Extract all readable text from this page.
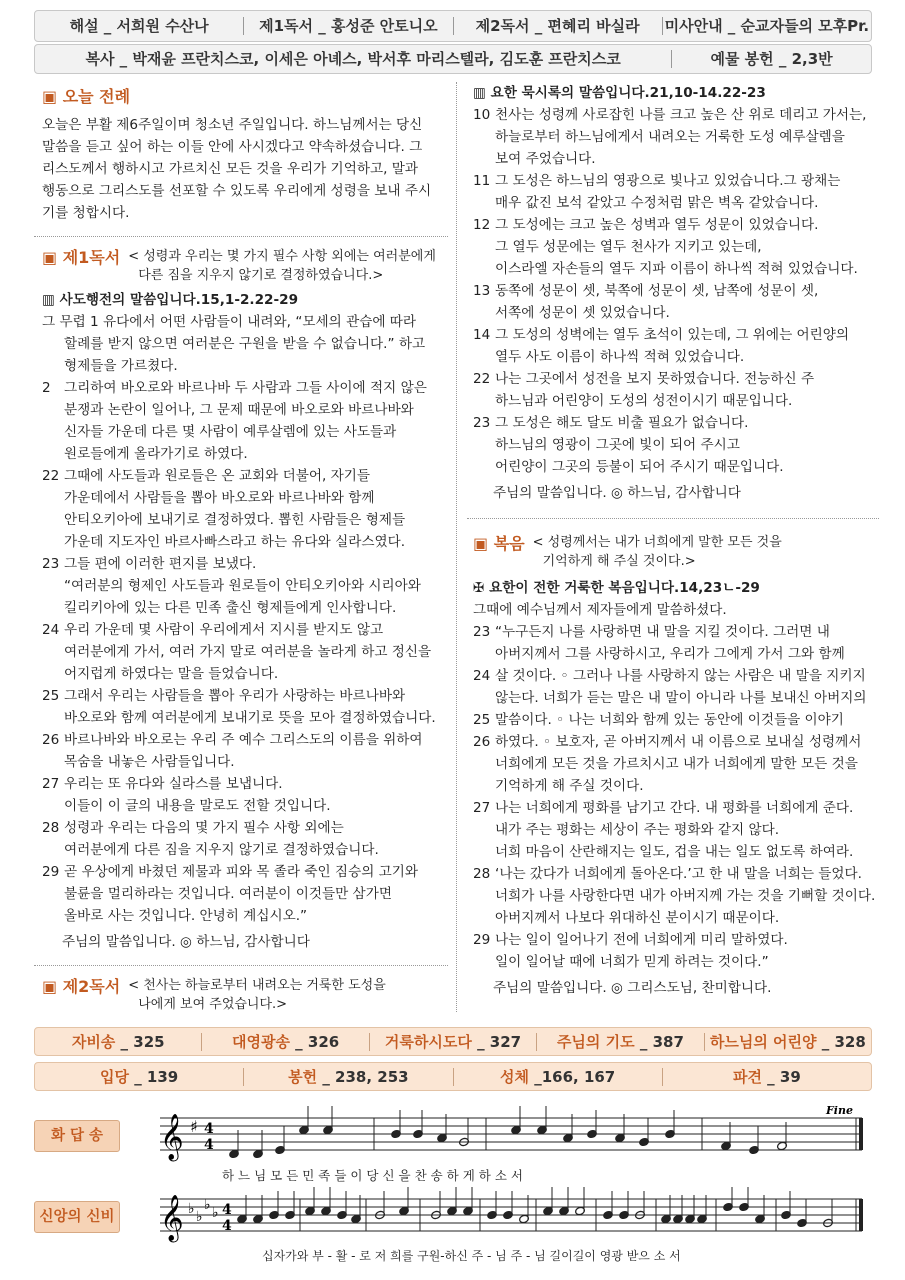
해설 _ 서희원 수산나	제1독서 _ 홍성준 안토니오	제2독서 _ 편혜리 바실라	미사안내 _ 순교자들의 모후Pr.
복사 _ 박재윤 프란치스코, 이세은 아녜스, 박서후 마리스텔라, 김도훈 프란치스코	예물 봉헌 _ 2,3반
▣ 오늘 전례
오늘은 부활 제6주일이며 청소년 주일입니다. 하느님께서는 당신
말씀을 듣고 싶어 하는 이들 안에 사시겠다고 약속하셨습니다. 그
리스도께서 행하시고 가르치신 모든 것을 우리가 기억하고, 말과
행동으로 그리스도를 선포할 수 있도록 우리에게 성령을 보내 주시
기를 청합시다.
▣ 제1독서 < 성령과 우리는 몇 가지 필수 사항 외에는 여러분에게
다른 짐을 지우지 않기로 결정하였습니다.>
▥ 사도행전의 말씀입니다.15,1-2.22-29
그 무렵 1 유다에서 어떤 사람들이 내려와, “모세의 관습에 따라
할례를 받지 않으면 여러분은 구원을 받을 수 없습니다.” 하고
형제들을 가르쳤다.
2 그리하여 바오로와 바르나바 두 사람과 그들 사이에 적지 않은
분쟁과 논란이 일어나, 그 문제 때문에 바오로와 바르나바와
신자들 가운데 다른 몇 사람이 예루살렘에 있는 사도들과
원로들에게 올라가기로 하였다.
22 그때에 사도들과 원로들은 온 교회와 더불어, 자기들
가운데에서 사람들을 뽑아 바오로와 바르나바와 함께
안티오키아에 보내기로 결정하였다. 뽑힌 사람들은 형제들
가운데 지도자인 바르사빠스라고 하는 유다와 실라스였다.
23 그들 편에 이러한 편지를 보냈다.
“여러분의 형제인 사도들과 원로들이 안티오키아와 시리아와
킬리키아에 있는 다른 민족 출신 형제들에게 인사합니다.
24 우리 가운데 몇 사람이 우리에게서 지시를 받지도 않고
여러분에게 가서, 여러 가지 말로 여러분을 놀라게 하고 정신을
어지럽게 하였다는 말을 들었습니다.
25 그래서 우리는 사람들을 뽑아 우리가 사랑하는 바르나바와
바오로와 함께 여러분에게 보내기로 뜻을 모아 결정하였습니다.
26 바르나바와 바오로는 우리 주 예수 그리스도의 이름을 위하여
목숨을 내놓은 사람들입니다.
27 우리는 또 유다와 실라스를 보냅니다.
이들이 이 글의 내용을 말로도 전할 것입니다.
28 성령과 우리는 다음의 몇 가지 필수 사항 외에는
여러분에게 다른 짐을 지우지 않기로 결정하였습니다.
29 곧 우상에게 바쳤던 제물과 피와 목 졸라 죽인 짐승의 고기와
불륜을 멀리하라는 것입니다. 여러분이 이것들만 삼가면
올바로 사는 것입니다. 안녕히 계십시오.”
주님의 말씀입니다. ◎ 하느님, 감사합니다
▣ 제2독서 < 천사는 하늘로부터 내려오는 거룩한 도성을
나에게 보여 주었습니다.>
▥ 요한 묵시록의 말씀입니다.21,10-14.22-23
10 천사는 성령께 사로잡힌 나를 크고 높은 산 위로 데리고 가서는,
하늘로부터 하느님에게서 내려오는 거룩한 도성 예루살렘을
보여 주었습니다.
11 그 도성은 하느님의 영광으로 빛나고 있었습니다.그 광채는
매우 값진 보석 같았고 수정처럼 맑은 벽옥 같았습니다.
12 그 도성에는 크고 높은 성벽과 열두 성문이 있었습니다.
그 열두 성문에는 열두 천사가 지키고 있는데,
이스라엘 자손들의 열두 지파 이름이 하나씩 적혀 있었습니다.
13 동쪽에 성문이 셋, 북쪽에 성문이 셋, 남쪽에 성문이 셋,
서쪽에 성문이 셋 있었습니다.
14 그 도성의 성벽에는 열두 초석이 있는데, 그 위에는 어린양의
열두 사도 이름이 하나씩 적혀 있었습니다.
22 나는 그곳에서 성전을 보지 못하였습니다. 전능하신 주
하느님과 어린양이 도성의 성전이시기 때문입니다.
23 그 도성은 해도 달도 비출 필요가 없습니다.
하느님의 영광이 그곳에 빛이 되어 주시고
어린양이 그곳의 등불이 되어 주시기 때문입니다.
주님의 말씀입니다. ◎ 하느님, 감사합니다
▣ 복음 < 성령께서는 내가 너희에게 말한 모든 것을
기억하게 해 주실 것이다.>
✠ 요한이 전한 거룩한 복음입니다.14,23ㄴ-29
그때에 예수님께서 제자들에게 말씀하셨다.
23 “누구든지 나를 사랑하면 내 말을 지킬 것이다. 그러면 내
아버지께서 그를 사랑하시고, 우리가 그에게 가서 그와 함께
24 살 것이다. ◦ 그러나 나를 사랑하지 않는 사람은 내 말을 지키지
않는다. 너희가 듣는 말은 내 말이 아니라 나를 보내신 아버지의
25 말씀이다. ◦ 나는 너희와 함께 있는 동안에 이것들을 이야기
26 하였다. ◦ 보호자, 곧 아버지께서 내 이름으로 보내실 성령께서
너희에게 모든 것을 가르치시고 내가 너희에게 말한 모든 것을
기억하게 해 주실 것이다.
27 나는 너희에게 평화를 남기고 간다. 내 평화를 너희에게 준다.
내가 주는 평화는 세상이 주는 평화와 같지 않다.
너희 마음이 산란해지는 일도, 겁을 내는 일도 없도록 하여라.
28 ‘나는 갔다가 너희에게 돌아온다.’고 한 내 말을 너희는 들었다.
너희가 나를 사랑한다면 내가 아버지께 가는 것을 기뻐할 것이다.
아버지께서 나보다 위대하신 분이시기 때문이다.
29 나는 일이 일어나기 전에 너희에게 미리 말하였다.
일이 일어날 때에 너희가 믿게 하려는 것이다.”
주님의 말씀입니다. ◎ 그리스도님, 찬미합니다.
자비송 _ 325	대영광송 _ 326	거룩하시도다 _ 327	주님의 기도 _ 387	하느님의 어린양 _ 328
입당 _ 139	봉헌 _ 238, 253	성체 _166, 167	파견 _ 39
화 답 송	𝄞 ♯ 4
4
Fine
하 느 님 모 든 민 족 들 이 당 신 을 찬 송 하 게 하 소 서
신앙의 신비 𝄞 ♭ ♭
♭ ♭ 4
4
십자가와 부 - 활 - 로 저 희를 구원-하신 주 - 님 주 - 님 길이길이 영광 받으 소 서
